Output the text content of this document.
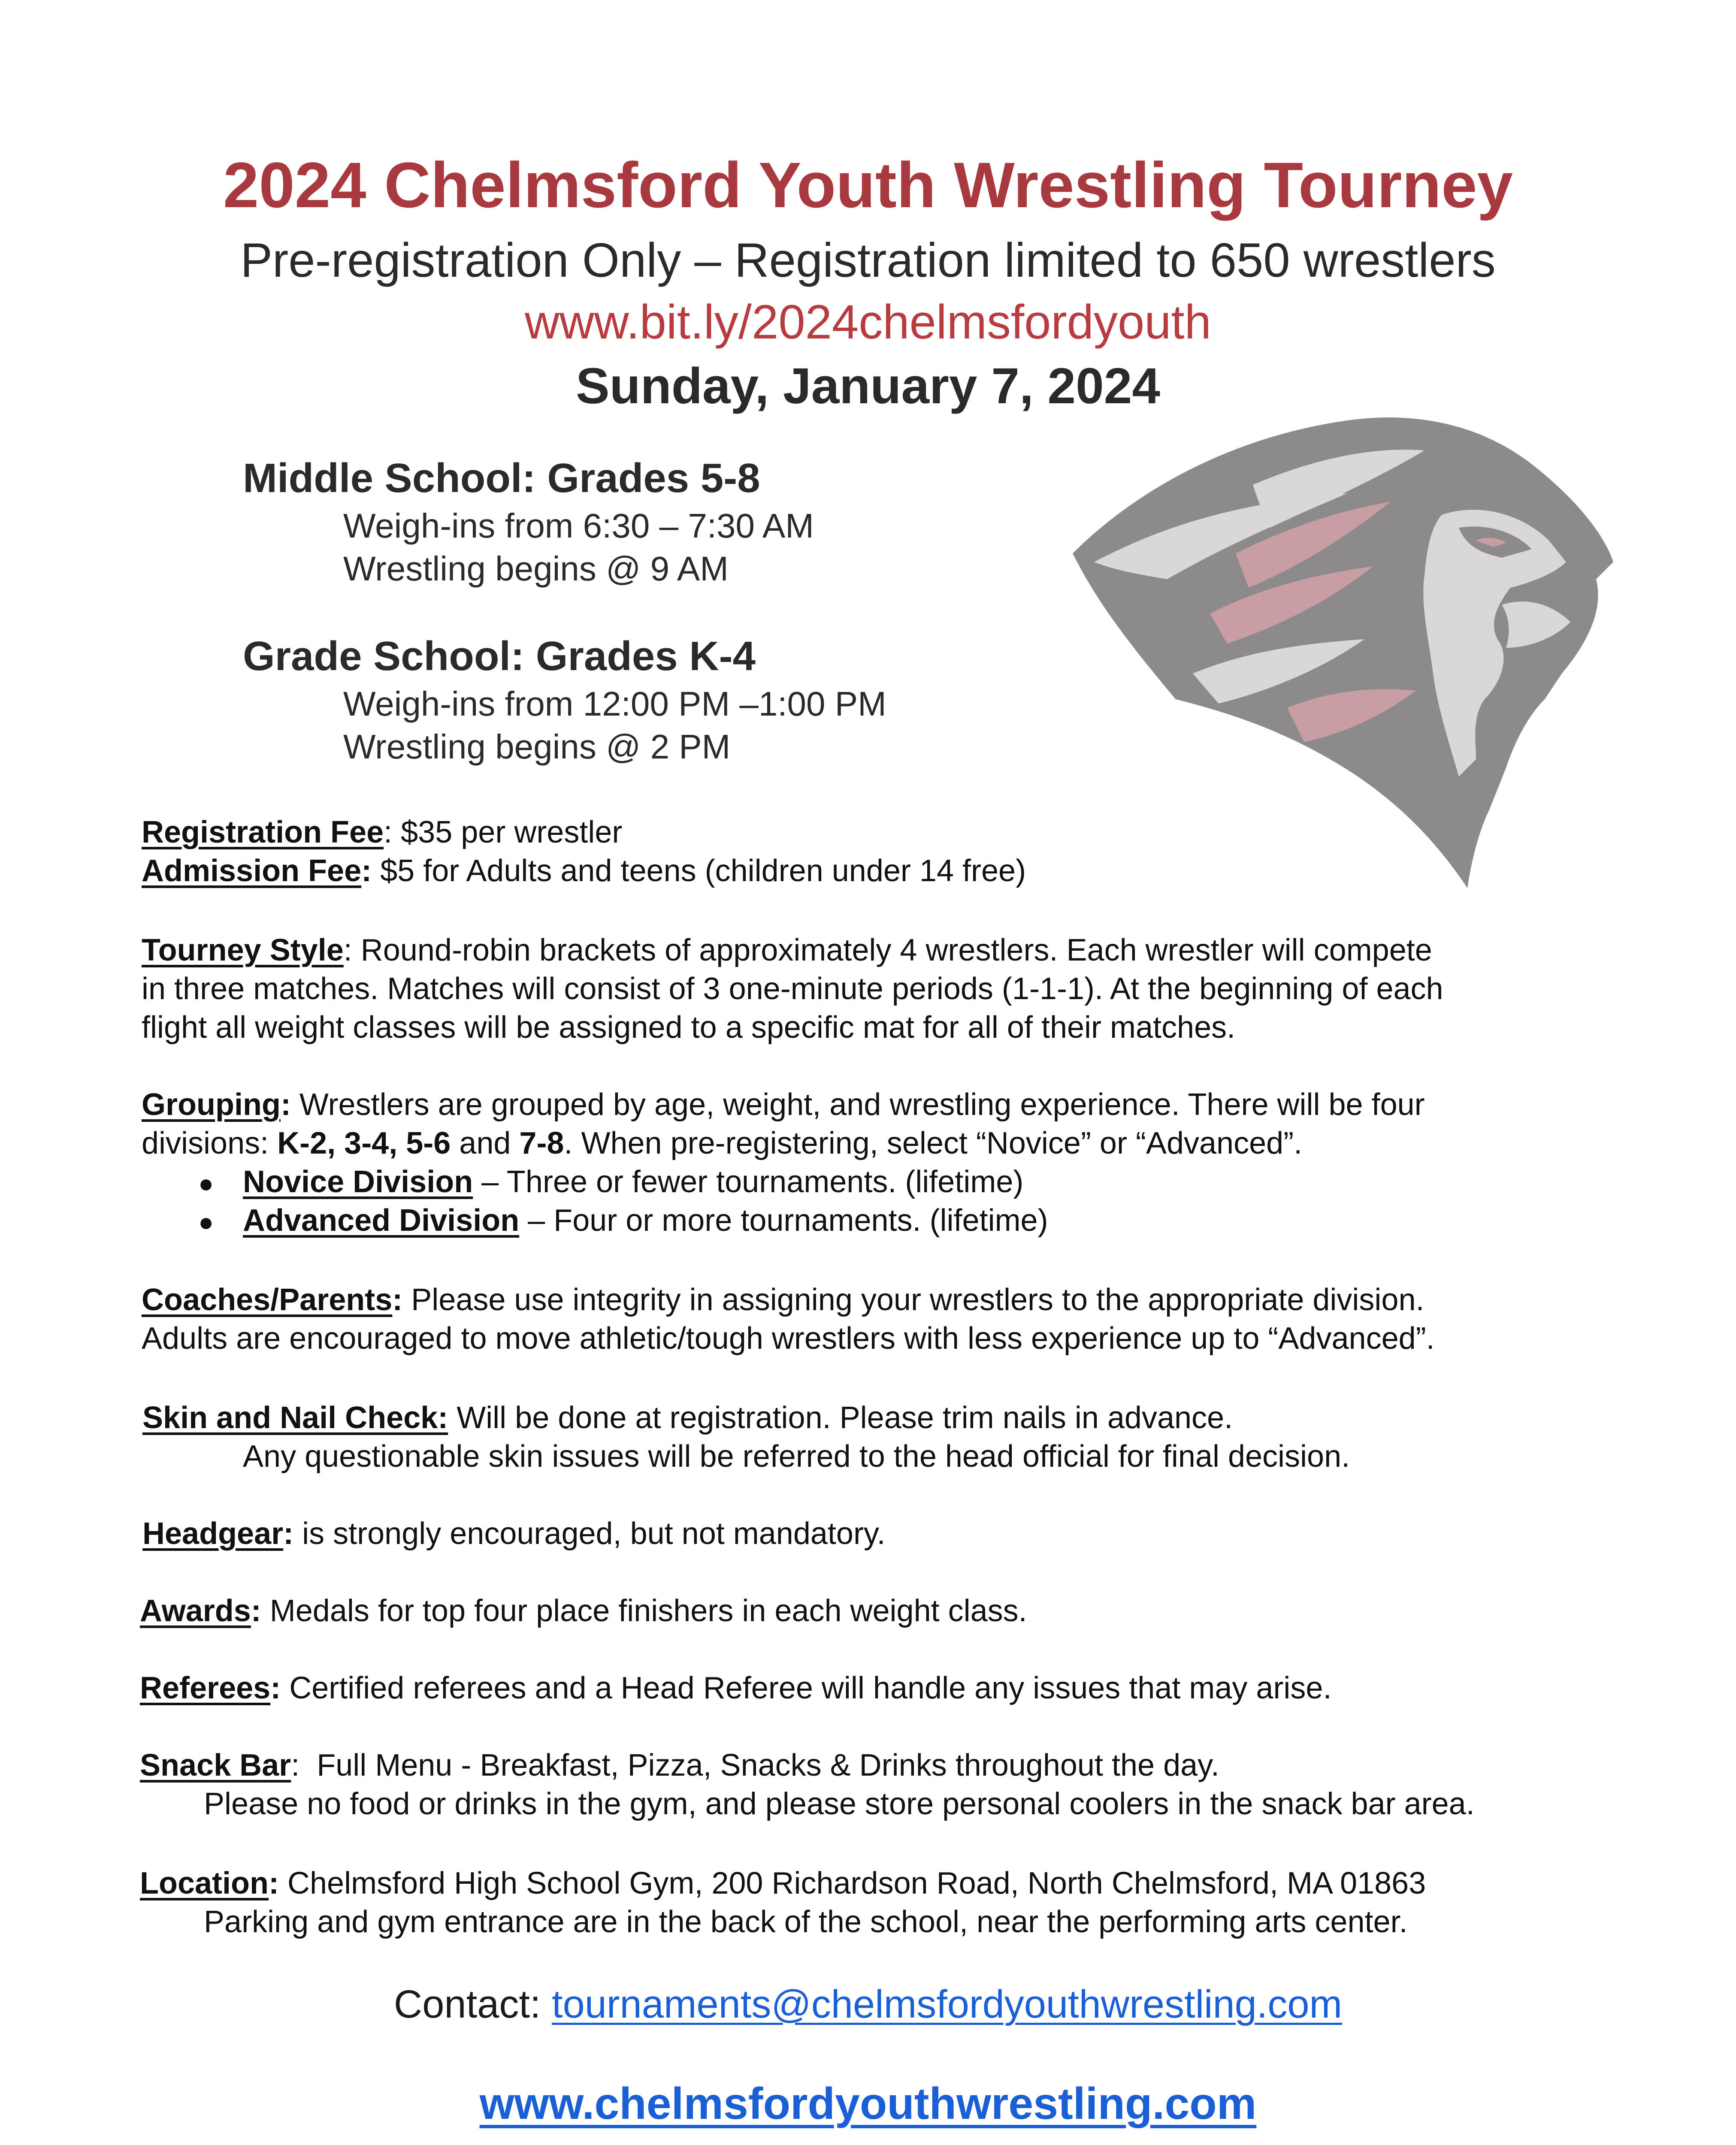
2024 Chelmsford Youth Wrestling Tourney
Pre-registration Only – Registration limited to 650 wrestlers
www.bit.ly/2024chelmsfordyouth
Sunday, January 7, 2024
Middle School: Grades 5-8
Weigh-ins from 6:30 – 7:30 AM
Wrestling begins @ 9 AM
Grade School: Grades K-4
Weigh-ins from 12:00 PM –1:00 PM
Wrestling begins @ 2 PM
Registration Fee: $35 per wrestler
Admission Fee: $5 for Adults and teens (children under 14 free)
Tourney Style: Round-robin brackets of approximately 4 wrestlers. Each wrestler will compete
in three matches. Matches will consist of 3 one-minute periods (1-1-1). At the beginning of each
flight all weight classes will be assigned to a specific mat for all of their matches.
Grouping: Wrestlers are grouped by age, weight, and wrestling experience. There will be four
divisions: K-2, 3-4, 5-6 and 7-8. When pre-registering, select “Novice” or “Advanced”.
● Novice Division – Three or fewer tournaments. (lifetime)
● Advanced Division – Four or more tournaments. (lifetime)
Coaches/Parents: Please use integrity in assigning your wrestlers to the appropriate division.
Adults are encouraged to move athletic/tough wrestlers with less experience up to “Advanced”.
Skin and Nail Check: Will be done at registration. Please trim nails in advance.
Any questionable skin issues will be referred to the head official for final decision.
Headgear: is strongly encouraged, but not mandatory.
Awards: Medals for top four place finishers in each weight class.
Referees: Certified referees and a Head Referee will handle any issues that may arise.
Snack Bar:  Full Menu - Breakfast, Pizza, Snacks & Drinks throughout the day.
Please no food or drinks in the gym, and please store personal coolers in the snack bar area.
Location: Chelmsford High School Gym, 200 Richardson Road, North Chelmsford, MA 01863
Parking and gym entrance are in the back of the school, near the performing arts center.
Contact: tournaments@chelmsfordyouthwrestling.com
www.chelmsfordyouthwrestling.com
